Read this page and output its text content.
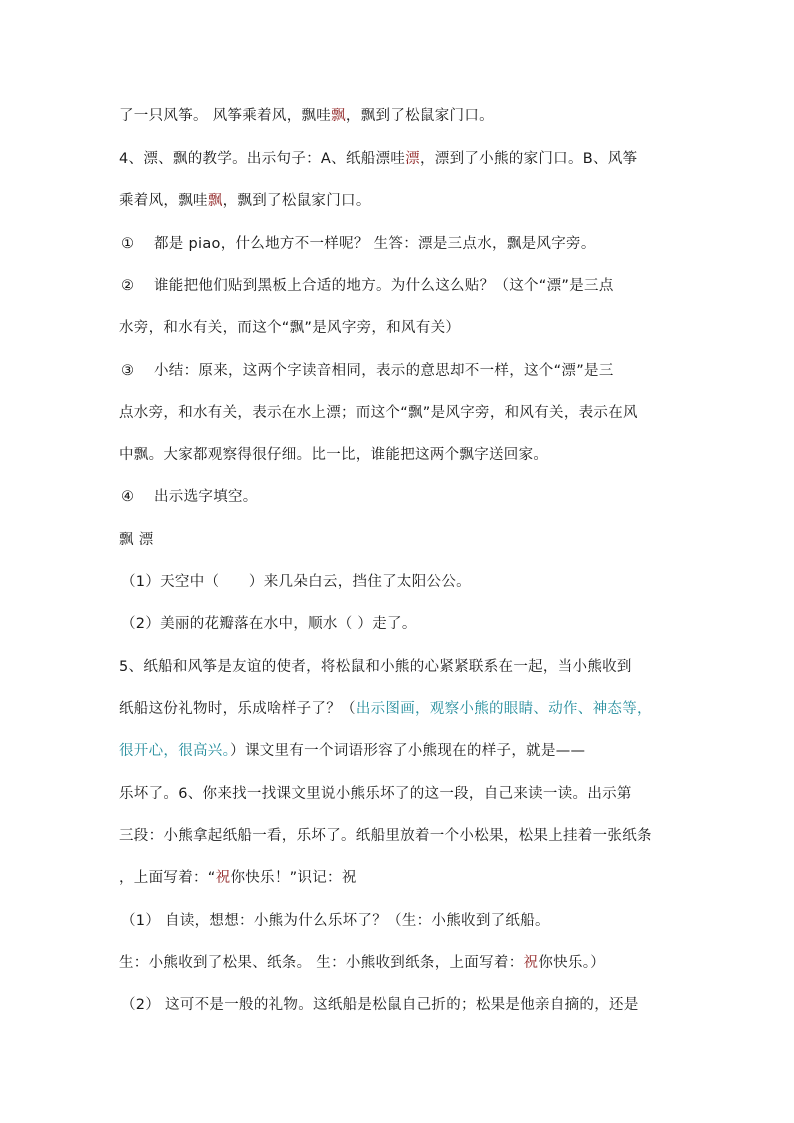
了一只风筝。 风筝乘着风，飘哇飘，飘到了松鼠家门口。
4、漂、飘的教学。出示句子：A、纸船漂哇漂，漂到了小熊的家门口。B、风筝
乘着风，飘哇飘，飘到了松鼠家门口。
①　 都是 piao，什么地方不一样呢？ 生答：漂是三点水，飘是风字旁。
②　 谁能把他们贴到黑板上合适的地方。为什么这么贴？（这个“漂”是三点
水旁，和水有关，而这个“飘”是风字旁，和风有关）
③　 小结：原来，这两个字读音相同，表示的意思却不一样，这个“漂”是三
点水旁，和水有关，表示在水上漂；而这个“飘”是风字旁，和风有关，表示在风
中飘。大家都观察得很仔细。比一比，谁能把这两个飘字送回家。
④　 出示选字填空。
飘 漂
（1）天空中（　　）来几朵白云，挡住了太阳公公。
（2）美丽的花瓣落在水中，顺水（ ）走了。
5、纸船和风筝是友谊的使者，将松鼠和小熊的心紧紧联系在一起，当小熊收到
纸船这份礼物时，乐成啥样子了？（出示图画，观察小熊的眼睛、动作、神态等，
很开心，很高兴。）课文里有一个词语形容了小熊现在的样子，就是——
乐坏了。6、你来找一找课文里说小熊乐坏了的这一段，自己来读一读。出示第
三段：小熊拿起纸船一看，乐坏了。纸船里放着一个小松果，松果上挂着一张纸条
，上面写着：“祝你快乐！”识记：祝
（1） 自读，想想：小熊为什么乐坏了？（生：小熊收到了纸船。
生：小熊收到了松果、纸条。 生：小熊收到纸条，上面写着：祝你快乐。）
（2） 这可不是一般的礼物。这纸船是松鼠自己折的；松果是他亲自摘的，还是
